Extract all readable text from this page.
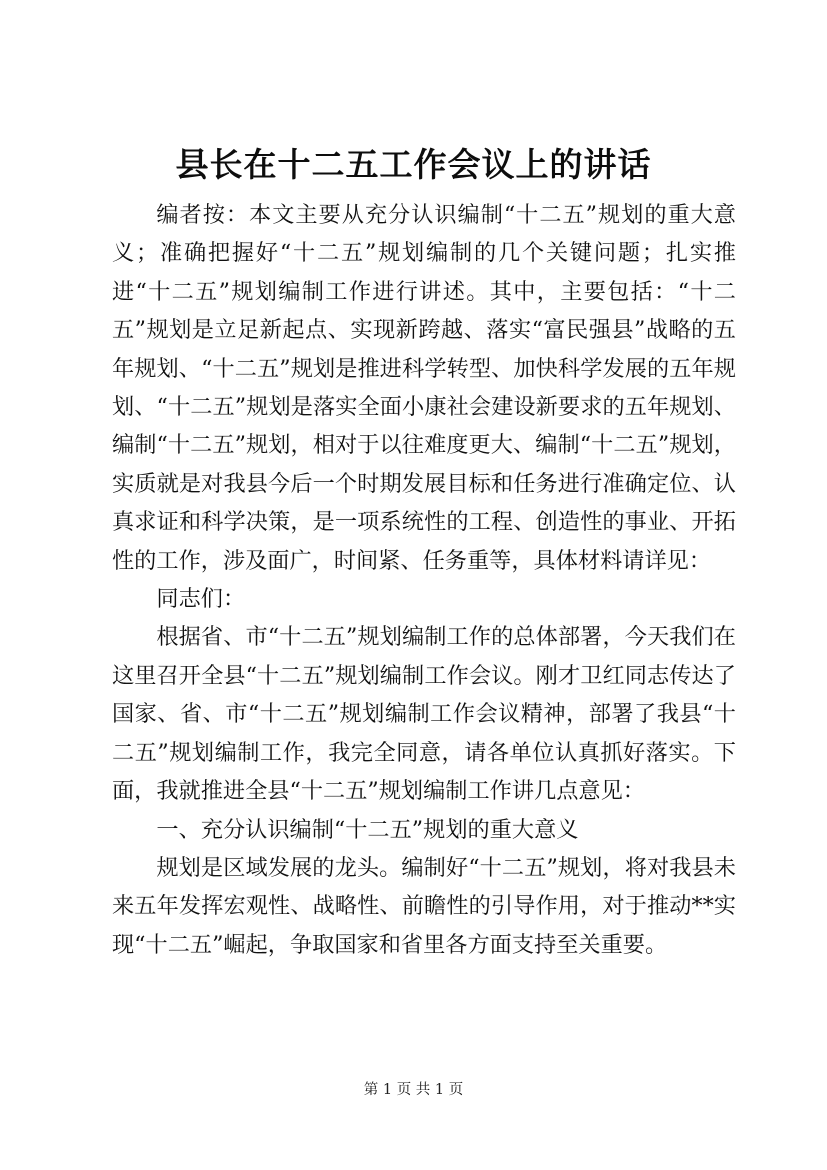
县长在十二五工作会议上的讲话

编者按：本文主要从充分认识编制“十二五”规划的重大意义；准确把握好“十二五”规划编制的几个关键问题；扎实推进“十二五”规划编制工作进行讲述。其中，主要包括：“十二五”规划是立足新起点、实现新跨越、落实“富民强县”战略的五年规划、“十二五”规划是推进科学转型、加快科学发展的五年规划、“十二五”规划是落实全面小康社会建设新要求的五年规划、编制“十二五”规划，相对于以往难度更大、编制“十二五”规划，实质就是对我县今后一个时期发展目标和任务进行准确定位、认真求证和科学决策，是一项系统性的工程、创造性的事业、开拓性的工作，涉及面广，时间紧、任务重等，具体材料请详见：

同志们：

根据省、市“十二五”规划编制工作的总体部署，今天我们在这里召开全县“十二五”规划编制工作会议。刚才卫红同志传达了国家、省、市“十二五”规划编制工作会议精神，部署了我县“十二五”规划编制工作，我完全同意，请各单位认真抓好落实。下面，我就推进全县“十二五”规划编制工作讲几点意见：

一、充分认识编制“十二五”规划的重大意义

规划是区域发展的龙头。编制好“十二五”规划，将对我县未来五年发挥宏观性、战略性、前瞻性的引导作用，对于推动**实现“十二五”崛起，争取国家和省里各方面支持至关重要。

第 1 页 共 1 页
